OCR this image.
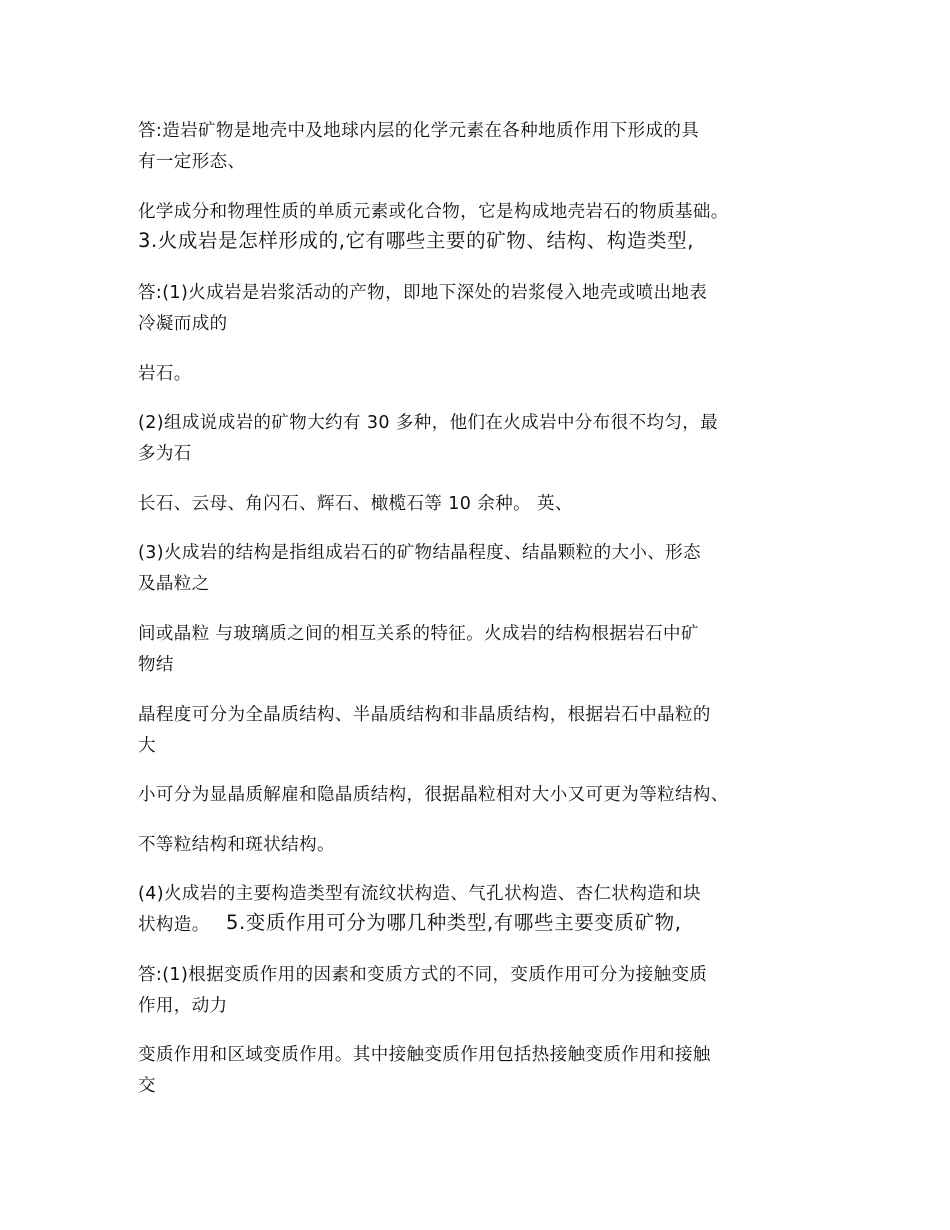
答:造岩矿物是地壳中及地球内层的化学元素在各种地质作用下形成的具
有一定形态、
化学成分和物理性质的单质元素或化合物，它是构成地壳岩石的物质基础。
3.火成岩是怎样形成的,它有哪些主要的矿物、结构、构造类型,
答:(1)火成岩是岩浆活动的产物，即地下深处的岩浆侵入地壳或喷出地表
冷凝而成的
岩石。
(2)组成说成岩的矿物大约有 30 多种，他们在火成岩中分布很不均匀，最
多为石
长石、云母、角闪石、辉石、橄榄石等 10 余种。 英、
(3)火成岩的结构是指组成岩石的矿物结晶程度、结晶颗粒的大小、形态
及晶粒之
间或晶粒 与玻璃质之间的相互关系的特征。火成岩的结构根据岩石中矿
物结
晶程度可分为全晶质结构、半晶质结构和非晶质结构，根据岩石中晶粒的
大
小可分为显晶质解雇和隐晶质结构，很据晶粒相对大小又可更为等粒结构、
不等粒结构和斑状结构。
(4)火成岩的主要构造类型有流纹状构造、气孔状构造、杏仁状构造和块
状构造。 5.变质作用可分为哪几种类型,有哪些主要变质矿物,
答:(1)根据变质作用的因素和变质方式的不同，变质作用可分为接触变质
作用，动力
变质作用和区域变质作用。其中接触变质作用包括热接触变质作用和接触
交
